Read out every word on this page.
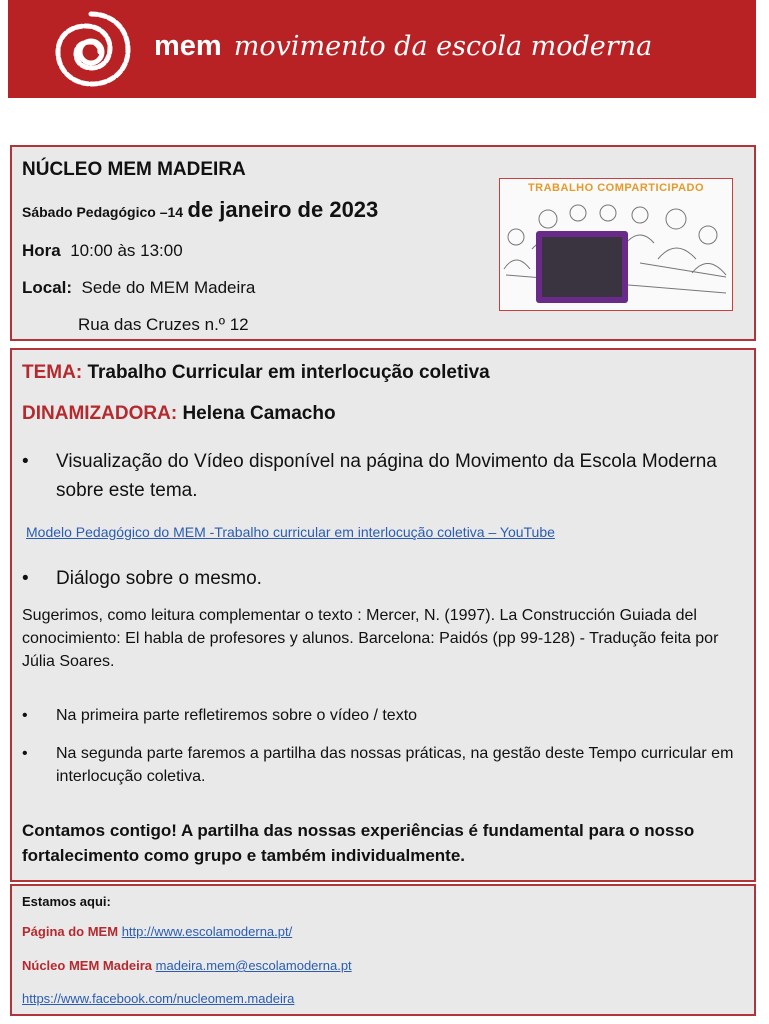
mem movimento da escola moderna
NÚCLEO MEM MADEIRA
Sábado Pedagógico –14 de janeiro de 2023
Hora 10:00 às 13:00
Local: Sede do MEM Madeira
Rua das Cruzes n.º 12
TRABALHO COMPARTICIPADO
TEMA: Trabalho Curricular em interlocução coletiva
DINAMIZADORA: Helena Camacho
• Visualização do Vídeo disponível na página do Movimento da Escola Moderna sobre este tema.
Modelo Pedagógico do MEM -Trabalho curricular em interlocução coletiva – YouTube
• Diálogo sobre o mesmo.
Sugerimos, como leitura complementar o texto : Mercer, N. (1997). La Construcción Guiada del conocimiento: El habla de profesores y alunos. Barcelona: Paidós (pp 99-128) - Tradução feita por Júlia Soares.
• Na primeira parte refletiremos sobre o vídeo / texto
• Na segunda parte faremos a partilha das nossas práticas, na gestão deste Tempo curricular em interlocução coletiva.
Contamos contigo! A partilha das nossas experiências é fundamental para o nosso fortalecimento como grupo e também individualmente.
Estamos aqui:
Página do MEM http://www.escolamoderna.pt/
Núcleo MEM Madeira madeira.mem@escolamoderna.pt
https://www.facebook.com/nucleomem.madeira
